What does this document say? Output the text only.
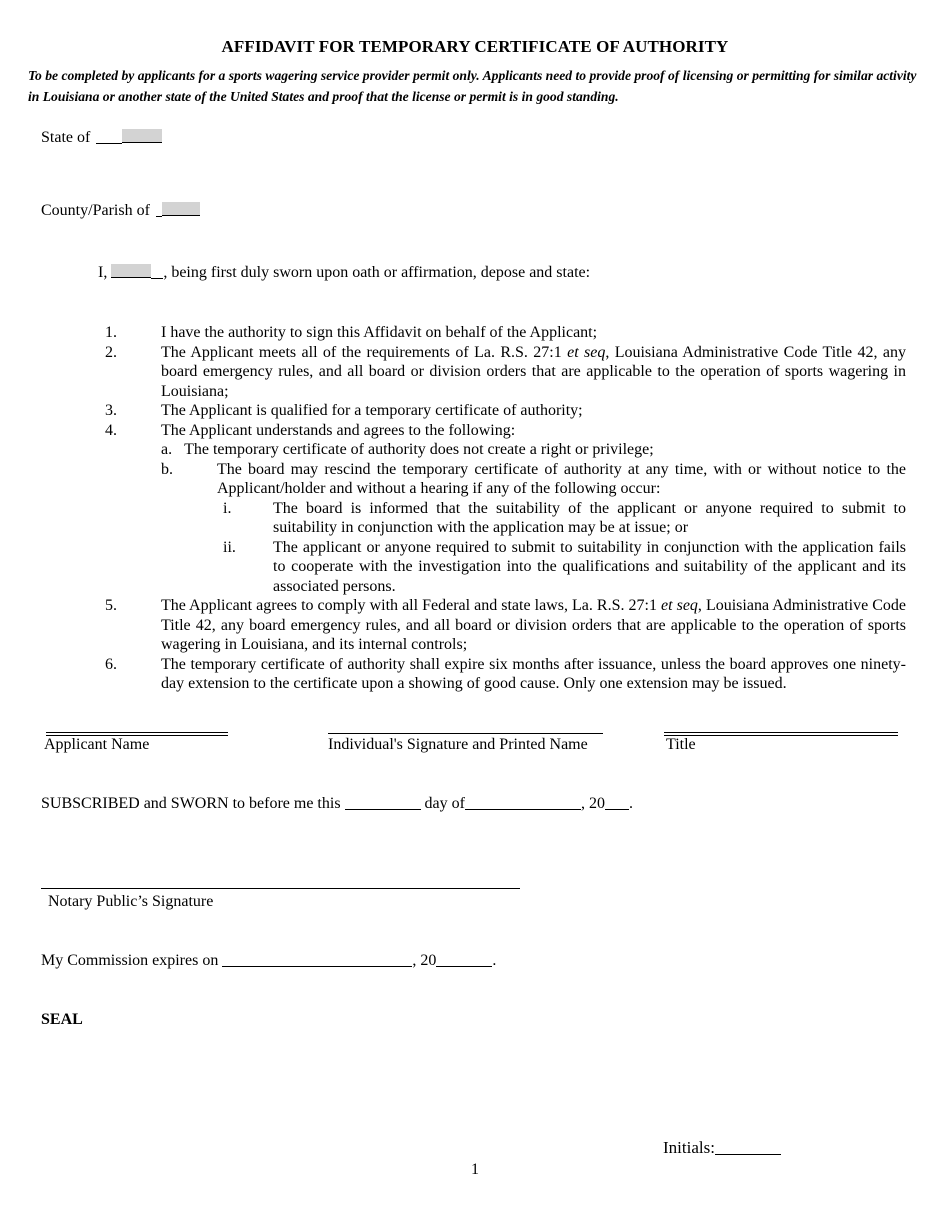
AFFIDAVIT FOR TEMPORARY CERTIFICATE OF AUTHORITY
To be completed by applicants for a sports wagering service provider permit only. Applicants need to provide proof of licensing or permitting for similar activity in Louisiana or another state of the United States and proof that the license or permit is in good standing.
State of
County/Parish of
I,	, being first duly sworn upon oath or affirmation, depose and state:
1.	I have the authority to sign this Affidavit on behalf of the Applicant;
2.	The Applicant meets all of the requirements of La. R.S. 27:1 et seq, Louisiana Administrative Code Title 42, any board emergency rules, and all board or division orders that are applicable to the operation of sports wagering in Louisiana;
3.	The Applicant is qualified for a temporary certificate of authority;
4.	The Applicant understands and agrees to the following:
a. The temporary certificate of authority does not create a right or privilege;
b.	The board may rescind the temporary certificate of authority at any time, with or without notice to the Applicant/holder and without a hearing if any of the following occur:
i.	The board is informed that the suitability of the applicant or anyone required to submit to suitability in conjunction with the application may be at issue; or
ii. The applicant or anyone required to submit to suitability in conjunction with the application fails to cooperate with the investigation into the qualifications and suitability of the applicant and its associated persons.
5.	The Applicant agrees to comply with all Federal and state laws, La. R.S. 27:1 et seq, Louisiana Administrative Code Title 42, any board emergency rules, and all board or division orders that are applicable to the operation of sports wagering in Louisiana, and its internal controls;
6.	The temporary certificate of authority shall expire six months after issuance, unless the board approves one ninety-day extension to the certificate upon a showing of good cause. Only one extension may be issued.
Applicant Name	Individual's Signature and Printed Name	Title
SUBSCRIBED and SWORN to before me this	day of	, 20 .
Notary Public’s Signature
My Commission expires on	, 20	.
SEAL
Initials:
1
